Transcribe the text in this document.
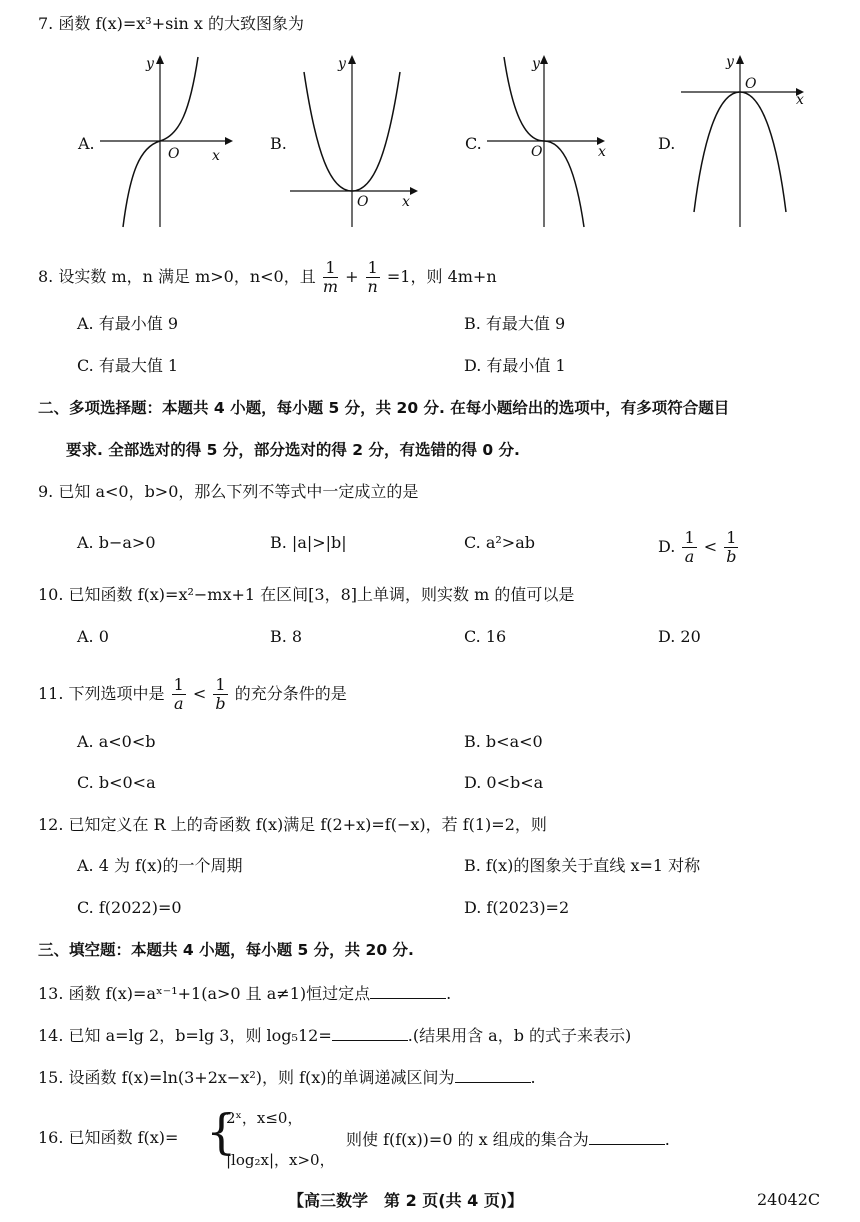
7. 函数 f(x)=x³+sin x 的大致图象为
A.
y
O x
B.
y
O x
C.
y
O	x	D.
y
O
x
8. 设实数 m，n 满足 m>0，n<0，且 $\frac{1}{m} + \frac{1}{n} =1$，则 4m+n
A. 有最小值 9	B. 有最大值 9
C. 有最大值 1	D. 有最小值 1
二、多项选择题：本题共 4 小题，每小题 5 分，共 20 分. 在每小题给出的选项中，有多项符合题目
要求. 全部选对的得 5 分，部分选对的得 2 分，有选错的得 0 分.
9. 已知 a<0，b>0，那么下列不等式中一定成立的是
A. b−a>0	B. |a|>|b|	C. a²>ab	D. $\frac{1}{a} < \frac{1}{b}$
10. 已知函数 f(x)=x²−mx+1 在区间[3，8]上单调，则实数 m 的值可以是
A. 0	B. 8	C. 16	D. 20
11. 下列选项中是 $\frac{1}{a} < \frac{1}{b}$ 的充分条件的是
A. a<0<b	B. b<a<0
C. b<0<a	D. 0<b<a
12. 已知定义在 R 上的奇函数 f(x)满足 f(2+x)=f(−x)，若 f(1)=2，则
A. 4 为 f(x)的一个周期	B. f(x)的图象关于直线 x=1 对称
C. f(2022)=0	D. f(2023)=2
三、填空题：本题共 4 小题，每小题 5 分，共 20 分.
13. 函数 f(x)=aˣ⁻¹+1(a>0 且 a≠1)恒过定点	.
14. 已知 a=lg 2，b=lg 3，则 log₅12=	.(结果用含 a，b 的式子来表示)
15. 设函数 f(x)=ln(3+2x−x²)，则 f(x)的单调递减区间为	.
16. 已知函数 f(x)= {
2ˣ，x≤0，
|log₂x|，x>0，
则使 f(f(x))=0 的 x 组成的集合为	.
【高三数学　第 2 页(共 4 页)】	24042C
